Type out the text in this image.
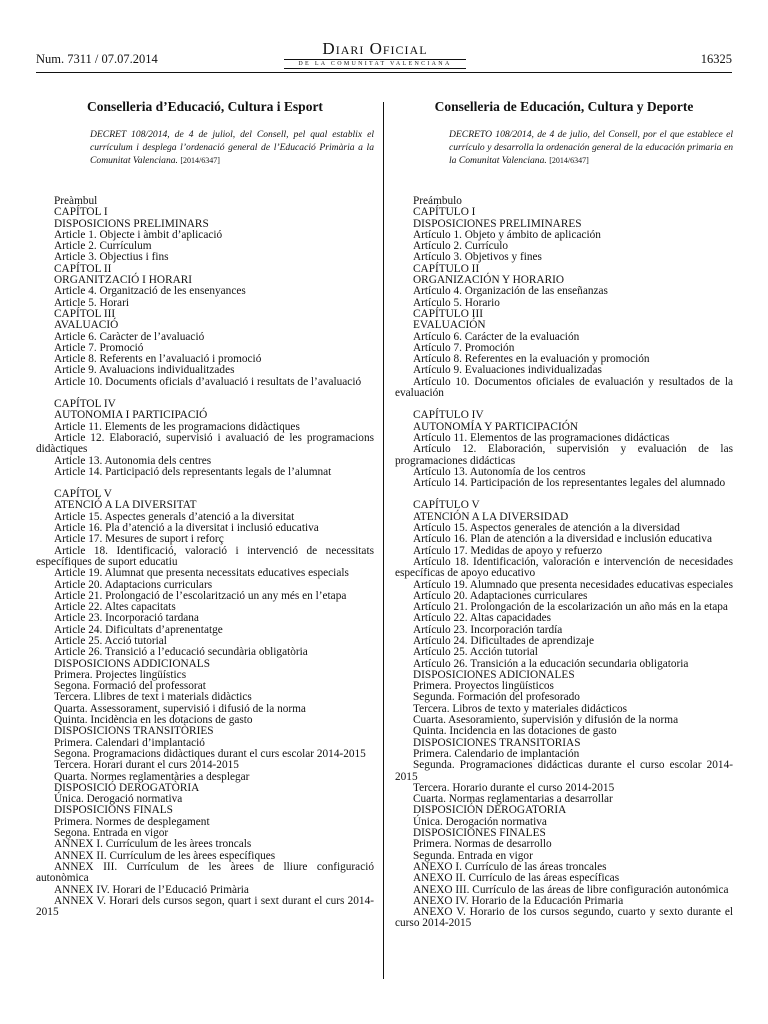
Num. 7311 / 07.07.2014
Diari Oficial
DE LA COMUNITAT VALENCIANA	16325
Conselleria d’Educació, Cultura i Esport

DECRET 108/2014, de 4 de juliol, del Consell, pel qual establix el currículum i desplega l’ordenació general de l’Educació Primària a la Comunitat Valenciana. [2014/6347]

Preàmbul
CAPÍTOL I
DISPOSICIONS PRELIMINARS
Article 1. Objecte i àmbit d’aplicació
Article 2. Currículum
Article 3. Objectius i fins
CAPÍTOL II
ORGANITZACIÓ I HORARI
Article 4. Organització de les ensenyances
Article 5. Horari
CAPÍTOL III
AVALUACIÓ
Article 6. Caràcter de l’avaluació
Article 7. Promoció
Article 8. Referents en l’avaluació i promoció
Article 9. Avaluacions individualitzades
Article 10. Documents oficials d’avaluació i resultats de l’avaluació
CAPÍTOL IV
AUTONOMIA I PARTICIPACIÓ
Article 11. Elements de les programacions didàctiques
Article 12. Elaboració, supervisió i avaluació de les programacions didàctiques
Article 13. Autonomia dels centres
Article 14. Participació dels representants legals de l’alumnat
CAPÍTOL V
ATENCIÓ A LA DIVERSITAT
Article 15. Aspectes generals d’atenció a la diversitat
Article 16. Pla d’atenció a la diversitat i inclusió educativa
Article 17. Mesures de suport i reforç
Article 18. Identificació, valoració i intervenció de necessitats específiques de suport educatiu
Article 19. Alumnat que presenta necessitats educatives especials
Article 20. Adaptacions curriculars
Article 21. Prolongació de l’escolarització un any més en l’etapa
Article 22. Altes capacitats
Article 23. Incorporació tardana
Article 24. Dificultats d’aprenentatge
Article 25. Acció tutorial
Article 26. Transició a l’educació secundària obligatòria
DISPOSICIONS ADDICIONALS
Primera. Projectes lingüístics
Segona. Formació del professorat
Tercera. Llibres de text i materials didàctics
Quarta. Assessorament, supervisió i difusió de la norma
Quinta. Incidència en les dotacions de gasto
DISPOSICIONS TRANSITÒRIES
Primera. Calendari d’implantació
Segona. Programacions didàctiques durant el curs escolar 2014-2015
Tercera. Horari durant el curs 2014-2015
Quarta. Normes reglamentàries a desplegar
DISPOSICIÓ DEROGATÒRIA
Única. Derogació normativa
DISPOSICIONS FINALS
Primera. Normes de desplegament
Segona. Entrada en vigor
ANNEX I. Currículum de les àrees troncals
ANNEX II. Currículum de les àrees específiques
ANNEX III. Currículum de les àrees de lliure configuració autonòmica
ANNEX IV. Horari de l’Educació Primària
ANNEX V. Horari dels cursos segon, quart i sext durant el curs 2014-2015
Conselleria de Educación, Cultura y Deporte

DECRETO 108/2014, de 4 de julio, del Consell, por el que establece el currículo y desarrolla la ordenación general de la educación primaria en la Comunitat Valenciana. [2014/6347]

Preámbulo
CAPÍTULO I
DISPOSICIONES PRELIMINARES
Artículo 1. Objeto y ámbito de aplicación
Artículo 2. Currículo
Artículo 3. Objetivos y fines
CAPÍTULO II
ORGANIZACIÓN Y HORARIO
Artículo 4. Organización de las enseñanzas
Artículo 5. Horario
CAPÍTULO III
EVALUACIÓN
Artículo 6. Carácter de la evaluación
Artículo 7. Promoción
Artículo 8. Referentes en la evaluación y promoción
Artículo 9. Evaluaciones individualizadas
Artículo 10. Documentos oficiales de evaluación y resultados de la evaluación
CAPÍTULO IV
AUTONOMÍA Y PARTICIPACIÓN
Artículo 11. Elementos de las programaciones didácticas
Artículo 12. Elaboración, supervisión y evaluación de las programaciones didácticas
Artículo 13. Autonomía de los centros
Artículo 14. Participación de los representantes legales del alumnado
CAPÍTULO V
ATENCIÓN A LA DIVERSIDAD
Artículo 15. Aspectos generales de atención a la diversidad
Artículo 16. Plan de atención a la diversidad e inclusión educativa
Artículo 17. Medidas de apoyo y refuerzo
Artículo 18. Identificación, valoración e intervención de necesidades específicas de apoyo educativo
Artículo 19. Alumnado que presenta necesidades educativas especiales
Artículo 20. Adaptaciones curriculares
Artículo 21. Prolongación de la escolarización un año más en la etapa
Artículo 22. Altas capacidades
Artículo 23. Incorporación tardía
Artículo 24. Dificultades de aprendizaje
Artículo 25. Acción tutorial
Artículo 26. Transición a la educación secundaria obligatoria
DISPOSICIONES ADICIONALES
Primera. Proyectos lingüísticos
Segunda. Formación del profesorado
Tercera. Libros de texto y materiales didácticos
Cuarta. Asesoramiento, supervisión y difusión de la norma
Quinta. Incidencia en las dotaciones de gasto
DISPOSICIONES TRANSITORIAS
Primera. Calendario de implantación
Segunda. Programaciones didácticas durante el curso escolar 2014-2015
Tercera. Horario durante el curso 2014-2015
Cuarta. Normas reglamentarias a desarrollar
DISPOSICIÓN DEROGATORIA
Única. Derogación normativa
DISPOSICIONES FINALES
Primera. Normas de desarrollo
Segunda. Entrada en vigor
ANEXO I. Currículo de las áreas troncales
ANEXO II. Currículo de las áreas específicas
ANEXO III. Currículo de las áreas de libre configuración autonómica
ANEXO IV. Horario de la Educación Primaria
ANEXO V. Horario de los cursos segundo, cuarto y sexto durante el curso 2014-2015
